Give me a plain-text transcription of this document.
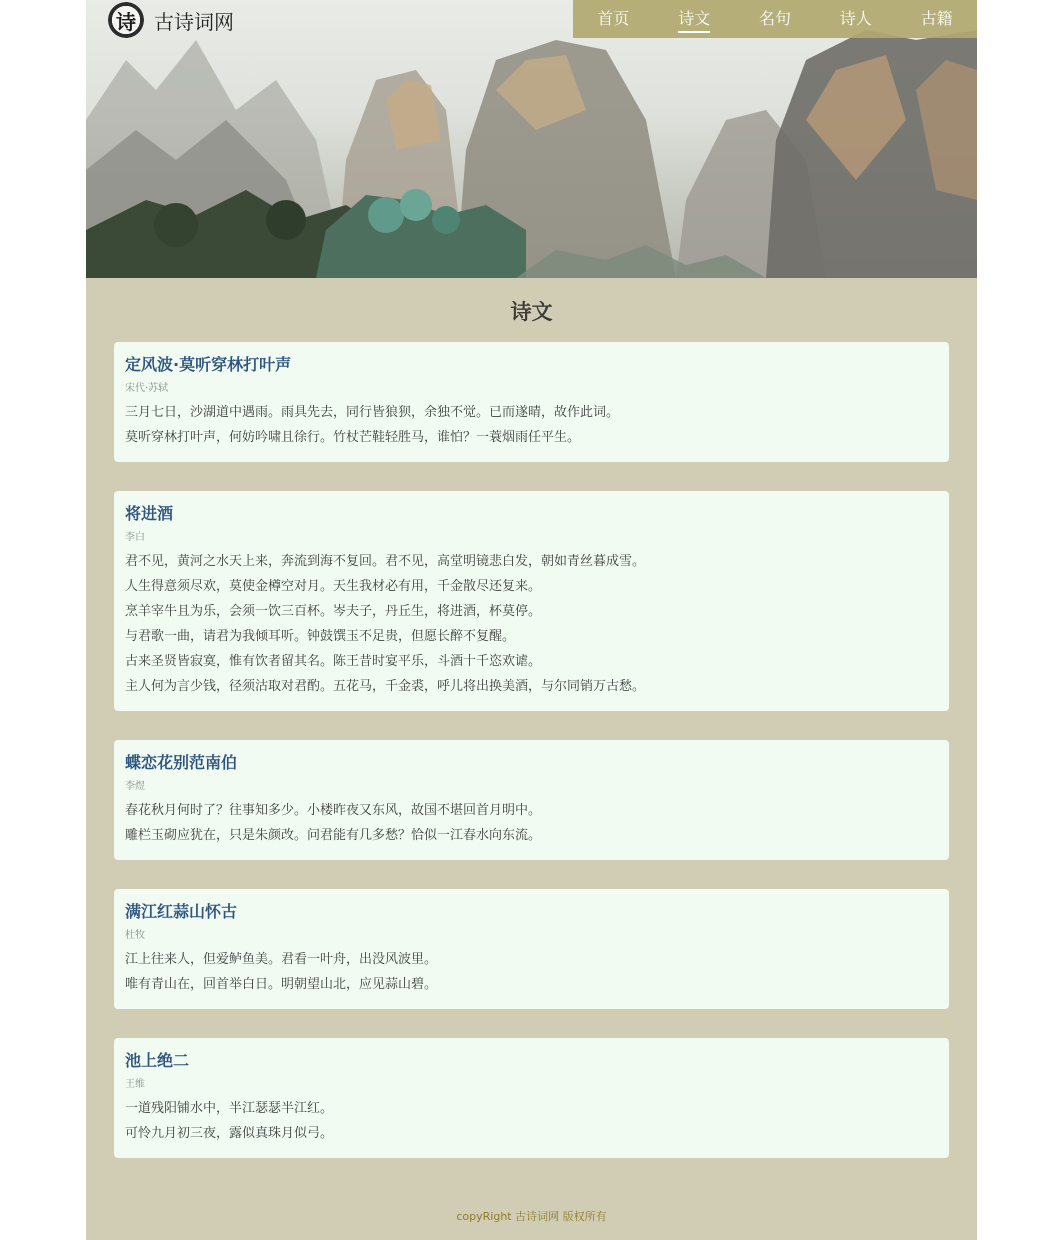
诗 古诗词网	首页	诗文	名句	诗人	古籍
诗文
定风波·莫听穿林打叶声
宋代·苏轼
三月七日，沙湖道中遇雨。雨具先去，同行皆狼狈，余独不觉。已而遂晴，故作此词。
莫听穿林打叶声，何妨吟啸且徐行。竹杖芒鞋轻胜马，谁怕？一蓑烟雨任平生。
将进酒
李白
君不见，黄河之水天上来，奔流到海不复回。君不见，高堂明镜悲白发，朝如青丝暮成雪。
人生得意须尽欢，莫使金樽空对月。天生我材必有用，千金散尽还复来。
烹羊宰牛且为乐，会须一饮三百杯。岑夫子，丹丘生，将进酒，杯莫停。
与君歌一曲，请君为我倾耳听。钟鼓馔玉不足贵，但愿长醉不复醒。
古来圣贤皆寂寞，惟有饮者留其名。陈王昔时宴平乐，斗酒十千恣欢谑。
主人何为言少钱，径须沽取对君酌。五花马，千金裘，呼儿将出换美酒，与尔同销万古愁。
蝶恋花别范南伯
李煜
春花秋月何时了？往事知多少。小楼昨夜又东风，故国不堪回首月明中。
雕栏玉砌应犹在，只是朱颜改。问君能有几多愁？恰似一江春水向东流。
满江红蒜山怀古
杜牧
江上往来人，但爱鲈鱼美。君看一叶舟，出没风波里。
唯有青山在，回首举白日。明朝望山北，应见蒜山碧。
池上绝二
王维
一道残阳铺水中，半江瑟瑟半江红。
可怜九月初三夜，露似真珠月似弓。
copyRight 古诗词网 版权所有
